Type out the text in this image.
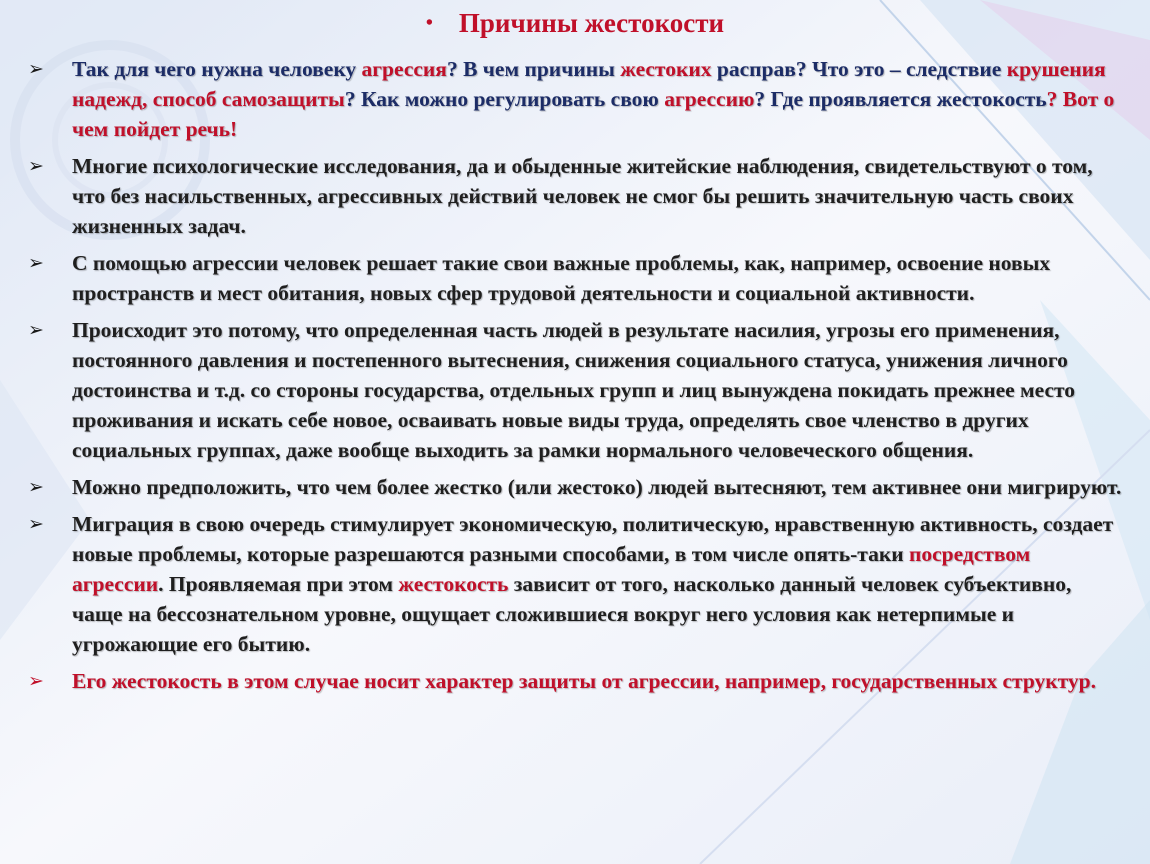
• Причины жестокости
➢ Так для чего нужна человеку агрессия? В чем причины жестоких расправ? Что это – следствие крушения надежд, способ самозащиты? Как можно регулировать свою агрессию? Где проявляется жестокость? Вот о чем пойдет речь!
➢ Многие психологические исследования, да и обыденные житейские наблюдения, свидетельствуют о том, что без насильственных, агрессивных действий человек не смог бы решить значительную часть своих жизненных задач.
➢ С помощью агрессии человек решает такие свои важные проблемы, как, например, освоение новых пространств и мест обитания, новых сфер трудовой деятельности и социальной активности.
➢ Происходит это потому, что определенная часть людей в результате насилия, угрозы его применения, постоянного давления и постепенного вытеснения, снижения социального статуса, унижения личного достоинства и т.д. со стороны государства, отдельных групп и лиц вынуждена покидать прежнее место проживания и искать себе новое, осваивать новые виды труда, определять свое членство в других социальных группах, даже вообще выходить за рамки нормального человеческого общения.
➢ Можно предположить, что чем более жестко (или жестоко) людей вытесняют, тем активнее они мигрируют.
➢ Миграция в свою очередь стимулирует экономическую, политическую, нравственную активность, создает новые проблемы, которые разрешаются разными способами, в том числе опять-таки посредством агрессии. Проявляемая при этом жестокость зависит от того, насколько данный человек субъективно, чаще на бессознательном уровне, ощущает сложившиеся вокруг него условия как нетерпимые и угрожающие его бытию.
➢ Его жестокость в этом случае носит характер защиты от агрессии, например, государственных структур.
